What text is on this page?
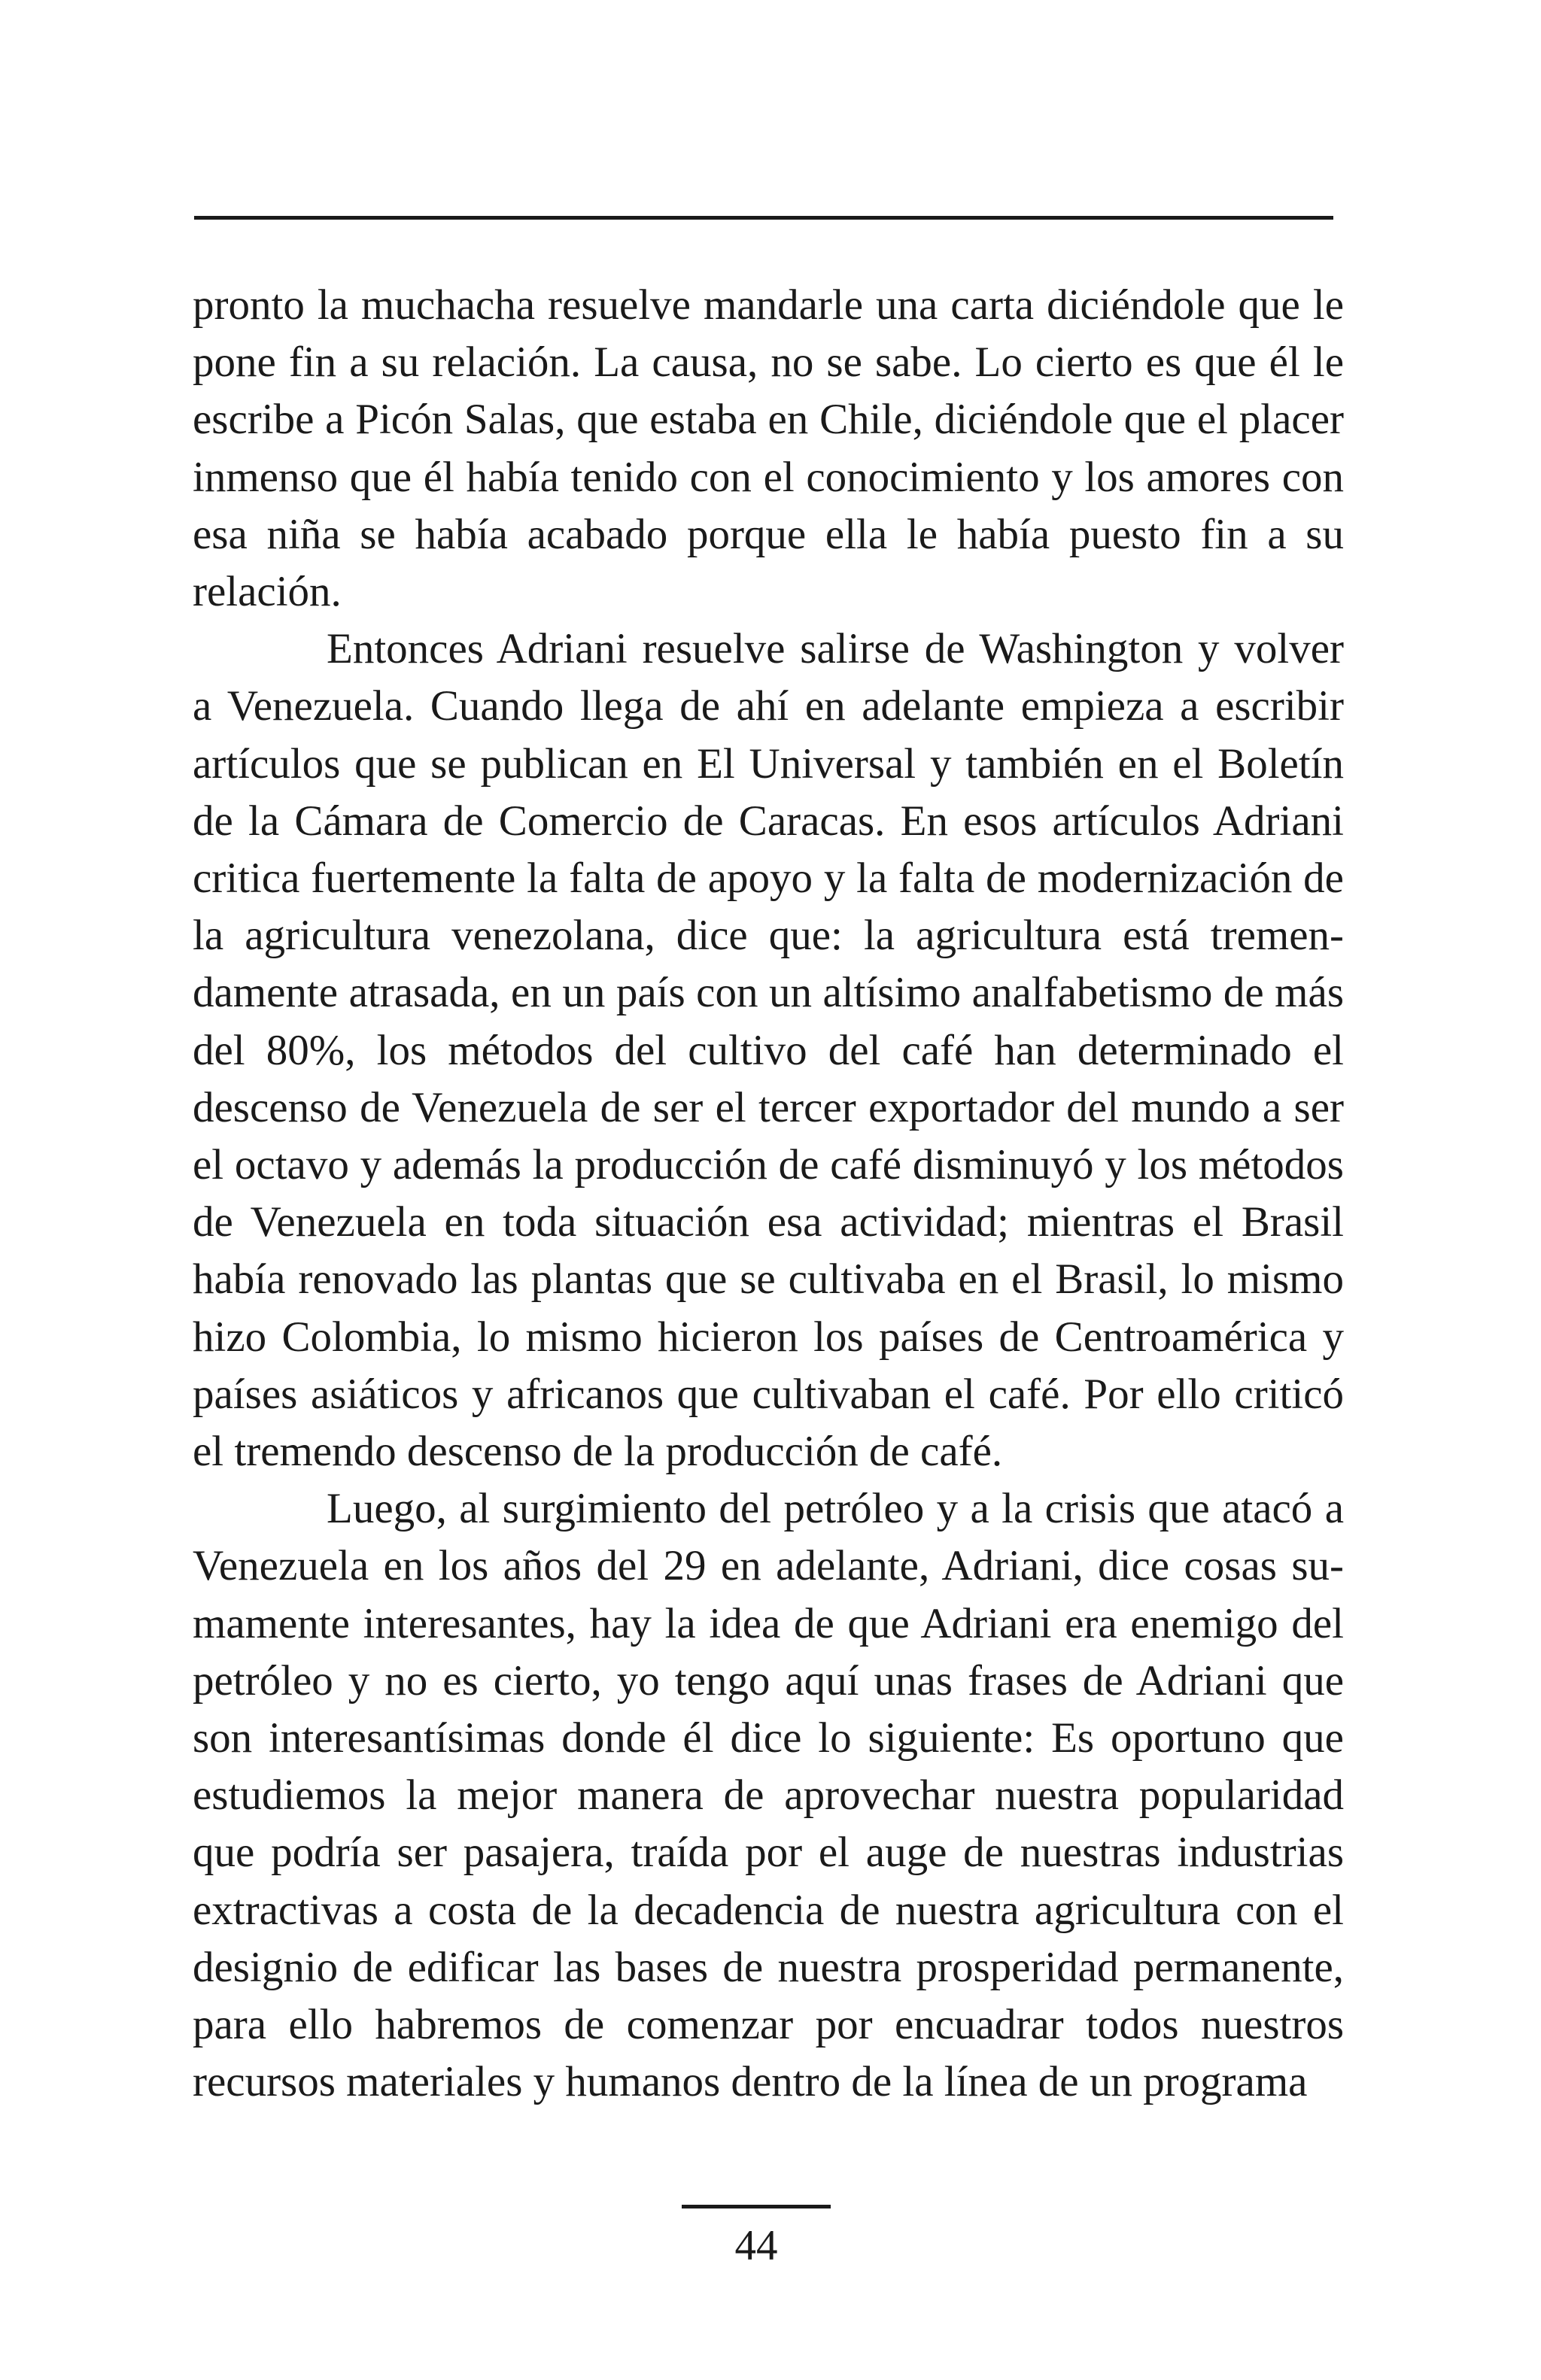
pronto la muchacha resuelve mandarle una carta diciéndole que le pone fin a su relación. La causa, no se sabe. Lo cierto es que él le escribe a Picón Salas, que estaba en Chile, diciéndole que el placer inmenso que él había tenido con el conocimiento y los amores con esa niña se había acabado porque ella le había puesto fin a su relación.

Entonces Adriani resuelve salirse de Washington y volver a Venezuela. Cuando llega de ahí en adelante empieza a escribir artículos que se publican en El Universal y también en el Boletín de la Cámara de Comercio de Caracas. En esos artículos Adriani critica fuertemente la falta de apoyo y la falta de modernización de la agricultura venezolana, dice que: la agricultura está tremendamente atrasada, en un país con un altísimo analfabetismo de más del 80%, los métodos del cultivo del café han determinado el descenso de Venezuela de ser el tercer exportador del mundo a ser el octavo y además la producción de café disminuyó y los métodos de Venezuela en toda situación esa actividad; mientras el Brasil había renovado las plantas que se cultivaba en el Brasil, lo mismo hizo Colombia, lo mismo hicieron los países de Centroamérica y países asiáticos y africanos que cultivaban el café. Por ello criticó el tremendo descenso de la producción de café.

Luego, al surgimiento del petróleo y a la crisis que atacó a Venezuela en los años del 29 en adelante, Adriani, dice cosas sumamente interesantes, hay la idea de que Adriani era enemigo del petróleo y no es cierto, yo tengo aquí unas frases de Adriani que son interesantísimas donde él dice lo siguiente: Es oportuno que estudiemos la mejor manera de aprovechar nuestra popularidad que podría ser pasajera, traída por el auge de nuestras industrias extractivas a costa de la decadencia de nuestra agricultura con el designio de edificar las bases de nuestra prosperidad permanente, para ello habremos de comenzar por encuadrar todos nuestros recursos materiales y humanos dentro de la línea de un programa

44
